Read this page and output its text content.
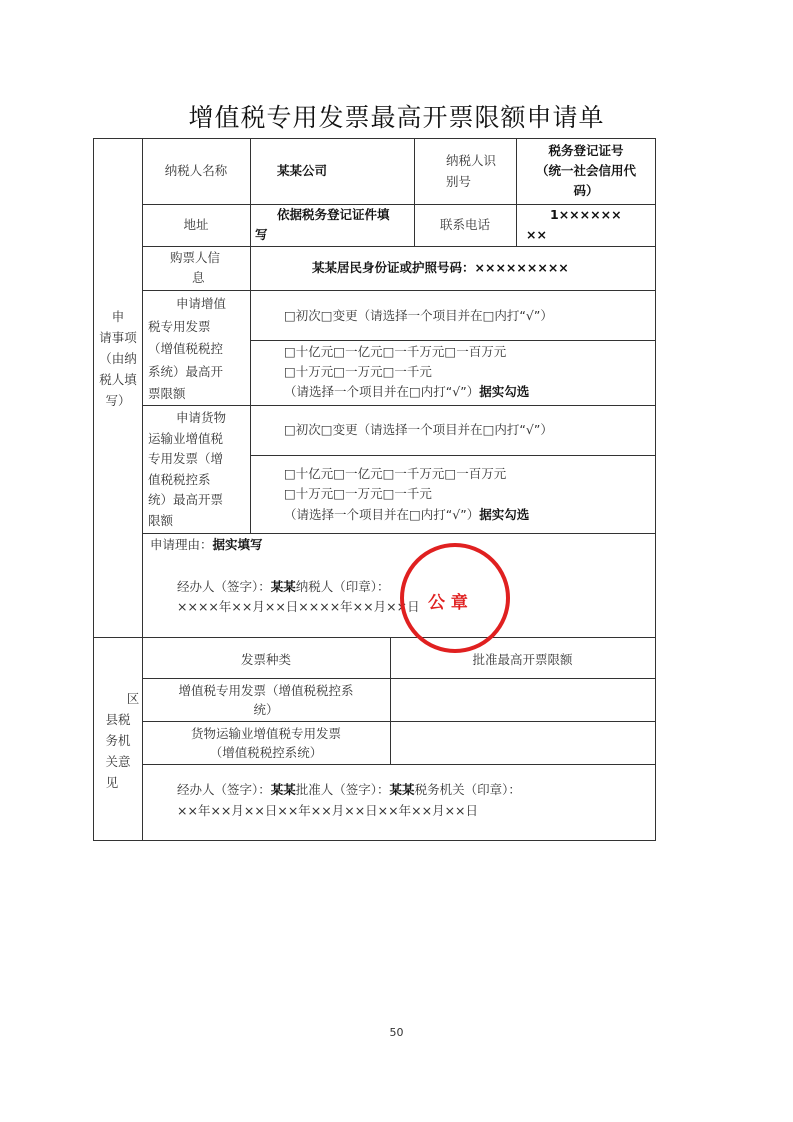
增值税专用发票最高开票限额申请单
申
请事项
（由纳
税人填
写）
纳税人名称	某某公司
纳税人识
别号
税务登记证号
（统一社会信用代
码）
地址
依据税务登记证件填
写
联系电话
1××××××
××
购票人信
息
某某居民身份证或护照号码：×××××××××
申请增值
税专用发票
（增值税税控
系统）最高开
票限额
□初次□变更（请选择一个项目并在□内打“√”）
□十亿元□一亿元□一千万元□一百万元
□十万元□一万元□一千元
（请选择一个项目并在□内打“√”）据实勾选
申请货物
运输业增值税
专用发票（增
值税税控系
统）最高开票
限额
□初次□变更（请选择一个项目并在□内打“√”）
□十亿元□一亿元□一千万元□一百万元
□十万元□一万元□一千元
（请选择一个项目并在□内打“√”）据实勾选
申请理由：据实填写
经办人（签字）：某某纳税人（印章）：
××××年××月××日××××年××月××日 公 章
区
县税
务机
关意
见
发票种类	批准最高开票限额
增值税专用发票（增值税税控系
统）
货物运输业增值税专用发票
（增值税税控系统）
经办人（签字）：某某批准人（签字）：某某税务机关（印章）：
××年××月××日××年××月××日××年××月××日
50
